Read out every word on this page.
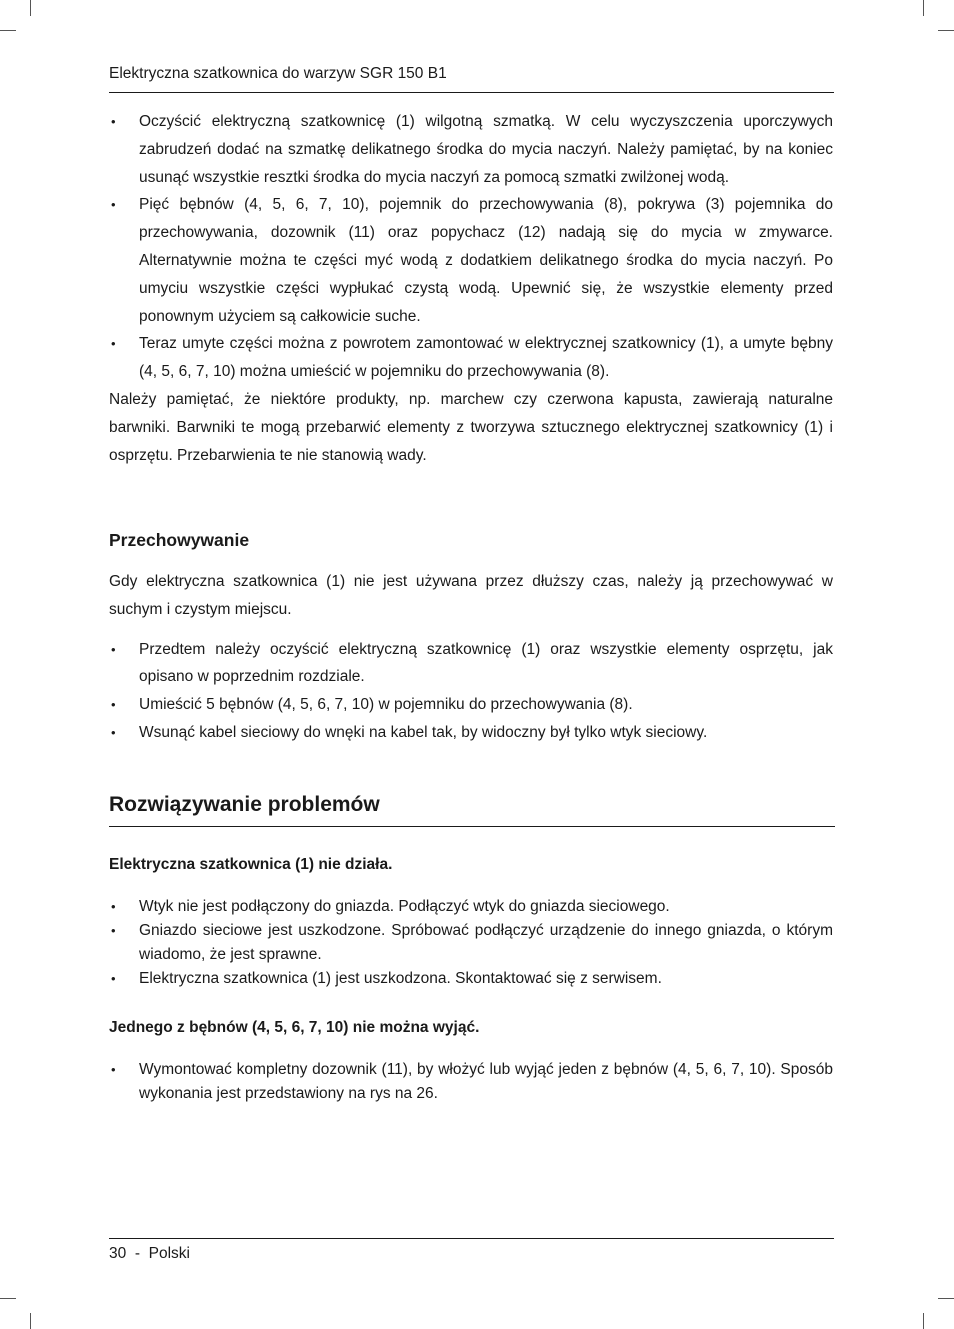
Elektryczna szatkownica do warzyw SGR 150 B1
• Oczyścić elektryczną szatkownicę (1) wilgotną szmatką. W celu wyczyszczenia uporczywych zabrudzeń dodać na szmatkę delikatnego środka do mycia naczyń. Należy pamiętać, by na koniec usunąć wszystkie resztki środka do mycia naczyń za pomocą szmatki zwilżonej wodą.
• Pięć bębnów (4, 5, 6, 7, 10), pojemnik do przechowywania (8), pokrywa (3) pojemnika do przechowywania, dozownik (11) oraz popychacz (12) nadają się do mycia w zmywarce. Alternatywnie można te części myć wodą z dodatkiem delikatnego środka do mycia naczyń. Po umyciu wszystkie części wypłukać czystą wodą. Upewnić się, że wszystkie elementy przed ponownym użyciem są całkowicie suche.
• Teraz umyte części można z powrotem zamontować w elektrycznej szatkownicy (1), a umyte bębny (4, 5, 6, 7, 10) można umieścić w pojemniku do przechowywania (8).

Należy pamiętać, że niektóre produkty, np. marchew czy czerwona kapusta, zawierają naturalne barwniki. Barwniki te mogą przebarwić elementy z tworzywa sztucznego elektrycznej szatkownicy (1) i osprzętu. Przebarwienia te nie stanowią wady.

Przechowywanie

Gdy elektryczna szatkownica (1) nie jest używana przez dłuższy czas, należy ją przechowywać w suchym i czystym miejscu.

• Przedtem należy oczyścić elektryczną szatkownicę (1) oraz wszystkie elementy osprzętu, jak opisano w poprzednim rozdziale.
• Umieścić 5 bębnów (4, 5, 6, 7, 10) w pojemniku do przechowywania (8).
• Wsunąć kabel sieciowy do wnęki na kabel tak, by widoczny był tylko wtyk sieciowy.
Rozwiązywanie problemów
Elektryczna szatkownica (1) nie działa.
• Wtyk nie jest podłączony do gniazda. Podłączyć wtyk do gniazda sieciowego.
• Gniazdo sieciowe jest uszkodzone. Spróbować podłączyć urządzenie do innego gniazda, o którym wiadomo, że jest sprawne.
• Elektryczna szatkownica (1) jest uszkodzona. Skontaktować się z serwisem.
Jednego z bębnów (4, 5, 6, 7, 10) nie można wyjąć.
• Wymontować kompletny dozownik (11), by włożyć lub wyjąć jeden z bębnów (4, 5, 6, 7, 10). Sposób wykonania jest przedstawiony na rys na 26.
30  -  Polski
